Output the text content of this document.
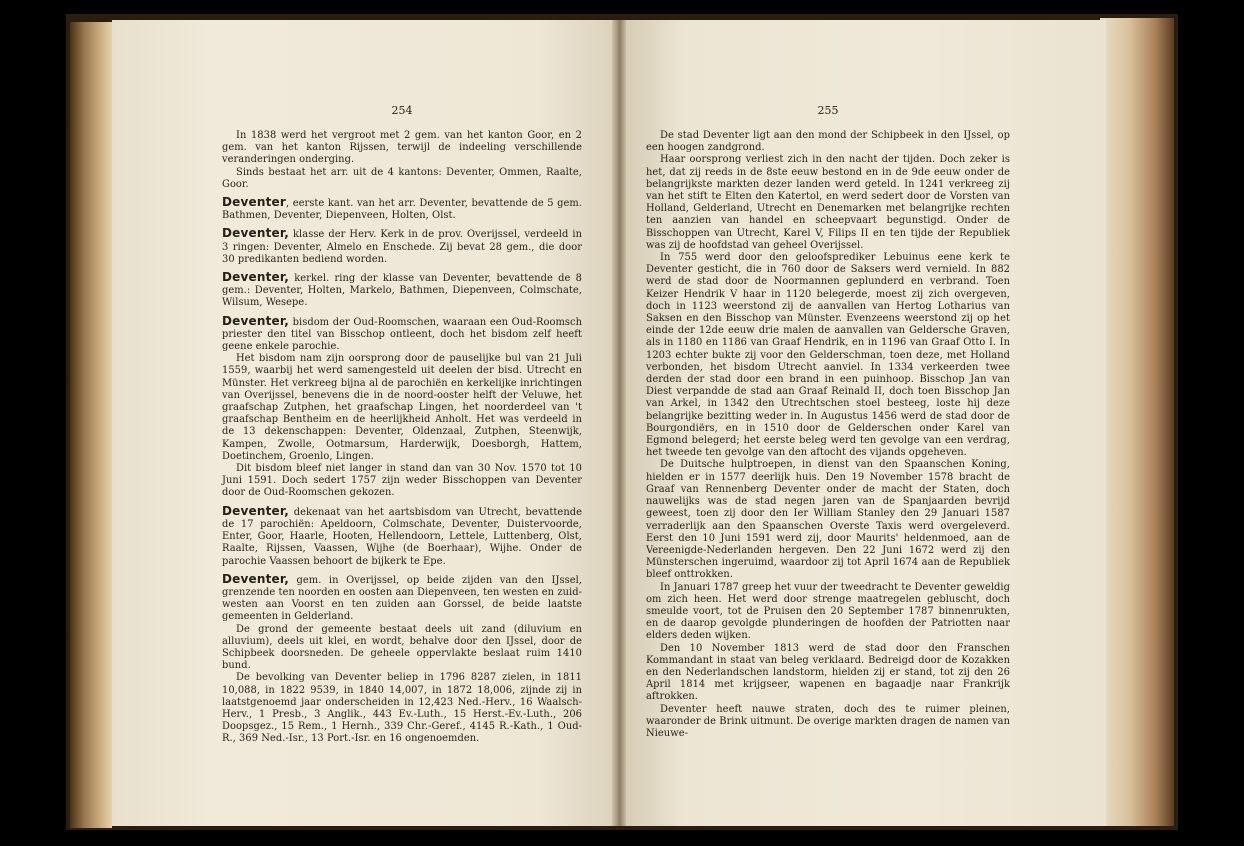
254

In 1838 werd het vergroot met 2 gem. van het kanton Goor, en 2 gem. van het kanton Rijssen, terwijl de indeeling verschillende veranderingen onderging.

Sinds bestaat het arr. uit de 4 kantons: Deventer, Ommen, Raalte, Goor.

Deventer, eerste kant. van het arr. Deventer, bevattende de 5 gem. Bathmen, Deventer, Diepenveen, Holten, Olst.

Deventer, klasse der Herv. Kerk in de prov. Overijssel, verdeeld in 3 ringen: Deventer, Almelo en Enschede. Zij bevat 28 gem., die door 30 predikanten bediend worden.

Deventer, kerkel. ring der klasse van Deventer, bevattende de 8 gem.: Deventer, Holten, Markelo, Bathmen, Diepenveen, Colmschate, Wilsum, Wesepe.

Deventer, bisdom der Oud-Roomschen, waaraan een Oud-Roomsch priester den titel van Bisschop ontleent, doch het bisdom zelf heeft geene enkele parochie.

Het bisdom nam zijn oorsprong door de pauselijke bul van 21 Juli 1559, waarbij het werd samengesteld uit deelen der bisd. Utrecht en Münster. Het verkreeg bijna al de parochiën en kerkelijke inrichtingen van Overijssel, benevens die in de noord-ooster helft der Veluwe, het graafschap Zutphen, het graafschap Lingen, het noorderdeel van 't graafschap Bentheim en de heerlijkheid Anholt. Het was verdeeld in de 13 dekenschappen: Deventer, Oldenzaal, Zutphen, Steenwijk, Kampen, Zwolle, Ootmarsum, Harderwijk, Doesborgh, Hattem, Doetinchem, Groenlo, Lingen.

Dit bisdom bleef niet langer in stand dan van 30 Nov. 1570 tot 10 Juni 1591. Doch sedert 1757 zijn weder Bisschoppen van Deventer door de Oud-Roomschen gekozen.

Deventer, dekenaat van het aartsbisdom van Utrecht, bevattende de 17 parochiën: Apeldoorn, Colmschate, Deventer, Duistervoorde, Enter, Goor, Haarle, Hooten, Hellendoorn, Lettele, Luttenberg, Olst, Raalte, Rijssen, Vaassen, Wijhe (de Boerhaar), Wijhe. Onder de parochie Vaassen behoort de bijkerk te Epe.

Deventer, gem. in Overijssel, op beide zijden van den IJssel, grenzende ten noorden en oosten aan Diepenveen, ten westen en zuid-westen aan Voorst en ten zuiden aan Gorssel, de beide laatste gemeenten in Gelderland.

De grond der gemeente bestaat deels uit zand (diluvium en alluvium), deels uit klei, en wordt, behalve door den IJssel, door de Schipbeek doorsneden. De geheele oppervlakte beslaat ruim 1410 bund.

De bevolking van Deventer beliep in 1796 8287 zielen, in 1811 10,088, in 1822 9539, in 1840 14,007, in 1872 18,006, zijnde zij in laatstgenoemd jaar onderscheiden in 12,423 Ned.-Herv., 16 Waalsch-Herv., 1 Presb., 3 Anglik., 443 Ev.-Luth., 15 Herst.-Ev.-Luth., 206 Doopsgez., 15 Rem., 1 Hernh., 339 Chr.-Geref., 4145 R.-Kath., 1 Oud-R., 369 Ned.-Isr., 13 Port.-Isr. en 16 ongenoemden.

255

De stad Deventer ligt aan den mond der Schipbeek in den IJssel, op een hoogen zandgrond.

Haar oorsprong verliest zich in den nacht der tijden. Doch zeker is het, dat zij reeds in de 8ste eeuw bestond en in de 9de eeuw onder de belangrijkste markten dezer landen werd geteld. In 1241 verkreeg zij van het stift te Elten den Katertol, en werd sedert door de Vorsten van Holland, Gelderland, Utrecht en Denemarken met belangrijke rechten ten aanzien van handel en scheepvaart begunstigd. Onder de Bisschoppen van Utrecht, Karel V, Filips II en ten tijde der Republiek was zij de hoofdstad van geheel Overijssel.

In 755 werd door den geloofsprediker Lebuinus eene kerk te Deventer gesticht, die in 760 door de Saksers werd vernield. In 882 werd de stad door de Noormannen geplunderd en verbrand. Toen Keizer Hendrik V haar in 1120 belegerde, moest zij zich overgeven, doch in 1123 weerstond zij de aanvallen van Hertog Lotharius van Saksen en den Bisschop van Münster. Evenzeens weerstond zij op het einde der 12de eeuw drie malen de aanvallen van Geldersche Graven, als in 1180 en 1186 van Graaf Hendrik, en in 1196 van Graaf Otto I. In 1203 echter bukte zij voor den Gelderschman, toen deze, met Holland verbonden, het bisdom Utrecht aanviel. In 1334 verkeerden twee derden der stad door een brand in een puinhoop. Bisschop Jan van Diest verpandde de stad aan Graaf Reinald II, doch toen Bisschop Jan van Arkel, in 1342 den Utrechtschen stoel besteeg, loste hij deze belangrijke bezitting weder in. In Augustus 1456 werd de stad door de Bourgondiërs, en in 1510 door de Gelderschen onder Karel van Egmond belegerd; het eerste beleg werd ten gevolge van een verdrag, het tweede ten gevolge van den aftocht des vijands opgeheven.

De Duitsche hulptroepen, in dienst van den Spaanschen Koning, hielden er in 1577 deerlijk huis. Den 19 November 1578 bracht de Graaf van Rennenberg Deventer onder de macht der Staten, doch nauwelijks was de stad negen jaren van de Spanjaarden bevrijd geweest, toen zij door den Ier William Stanley den 29 Januari 1587 verraderlijk aan den Spaanschen Overste Taxis werd overgeleverd. Eerst den 10 Juni 1591 werd zij, door Maurits' heldenmoed, aan de Vereenigde-Nederlanden hergeven. Den 22 Juni 1672 werd zij den Münsterschen ingeruimd, waardoor zij tot April 1674 aan de Republiek bleef onttrokken.

In Januari 1787 greep het vuur der tweedracht te Deventer geweldig om zich heen. Het werd door strenge maatregelen gebluscht, doch smeulde voort, tot de Pruisen den 20 September 1787 binnenrukten, en de daarop gevolgde plunderingen de hoofden der Patriotten naar elders deden wijken.

Den 10 November 1813 werd de stad door den Franschen Kommandant in staat van beleg verklaard. Bedreigd door de Kozakken en den Nederlandschen landstorm, hielden zij er stand, tot zij den 26 April 1814 met krijgseer, wapenen en bagaadje naar Frankrijk aftrokken.

Deventer heeft nauwe straten, doch des te ruimer pleinen, waaronder de Brink uitmunt. De overige markten dragen de namen van Nieuwe-
